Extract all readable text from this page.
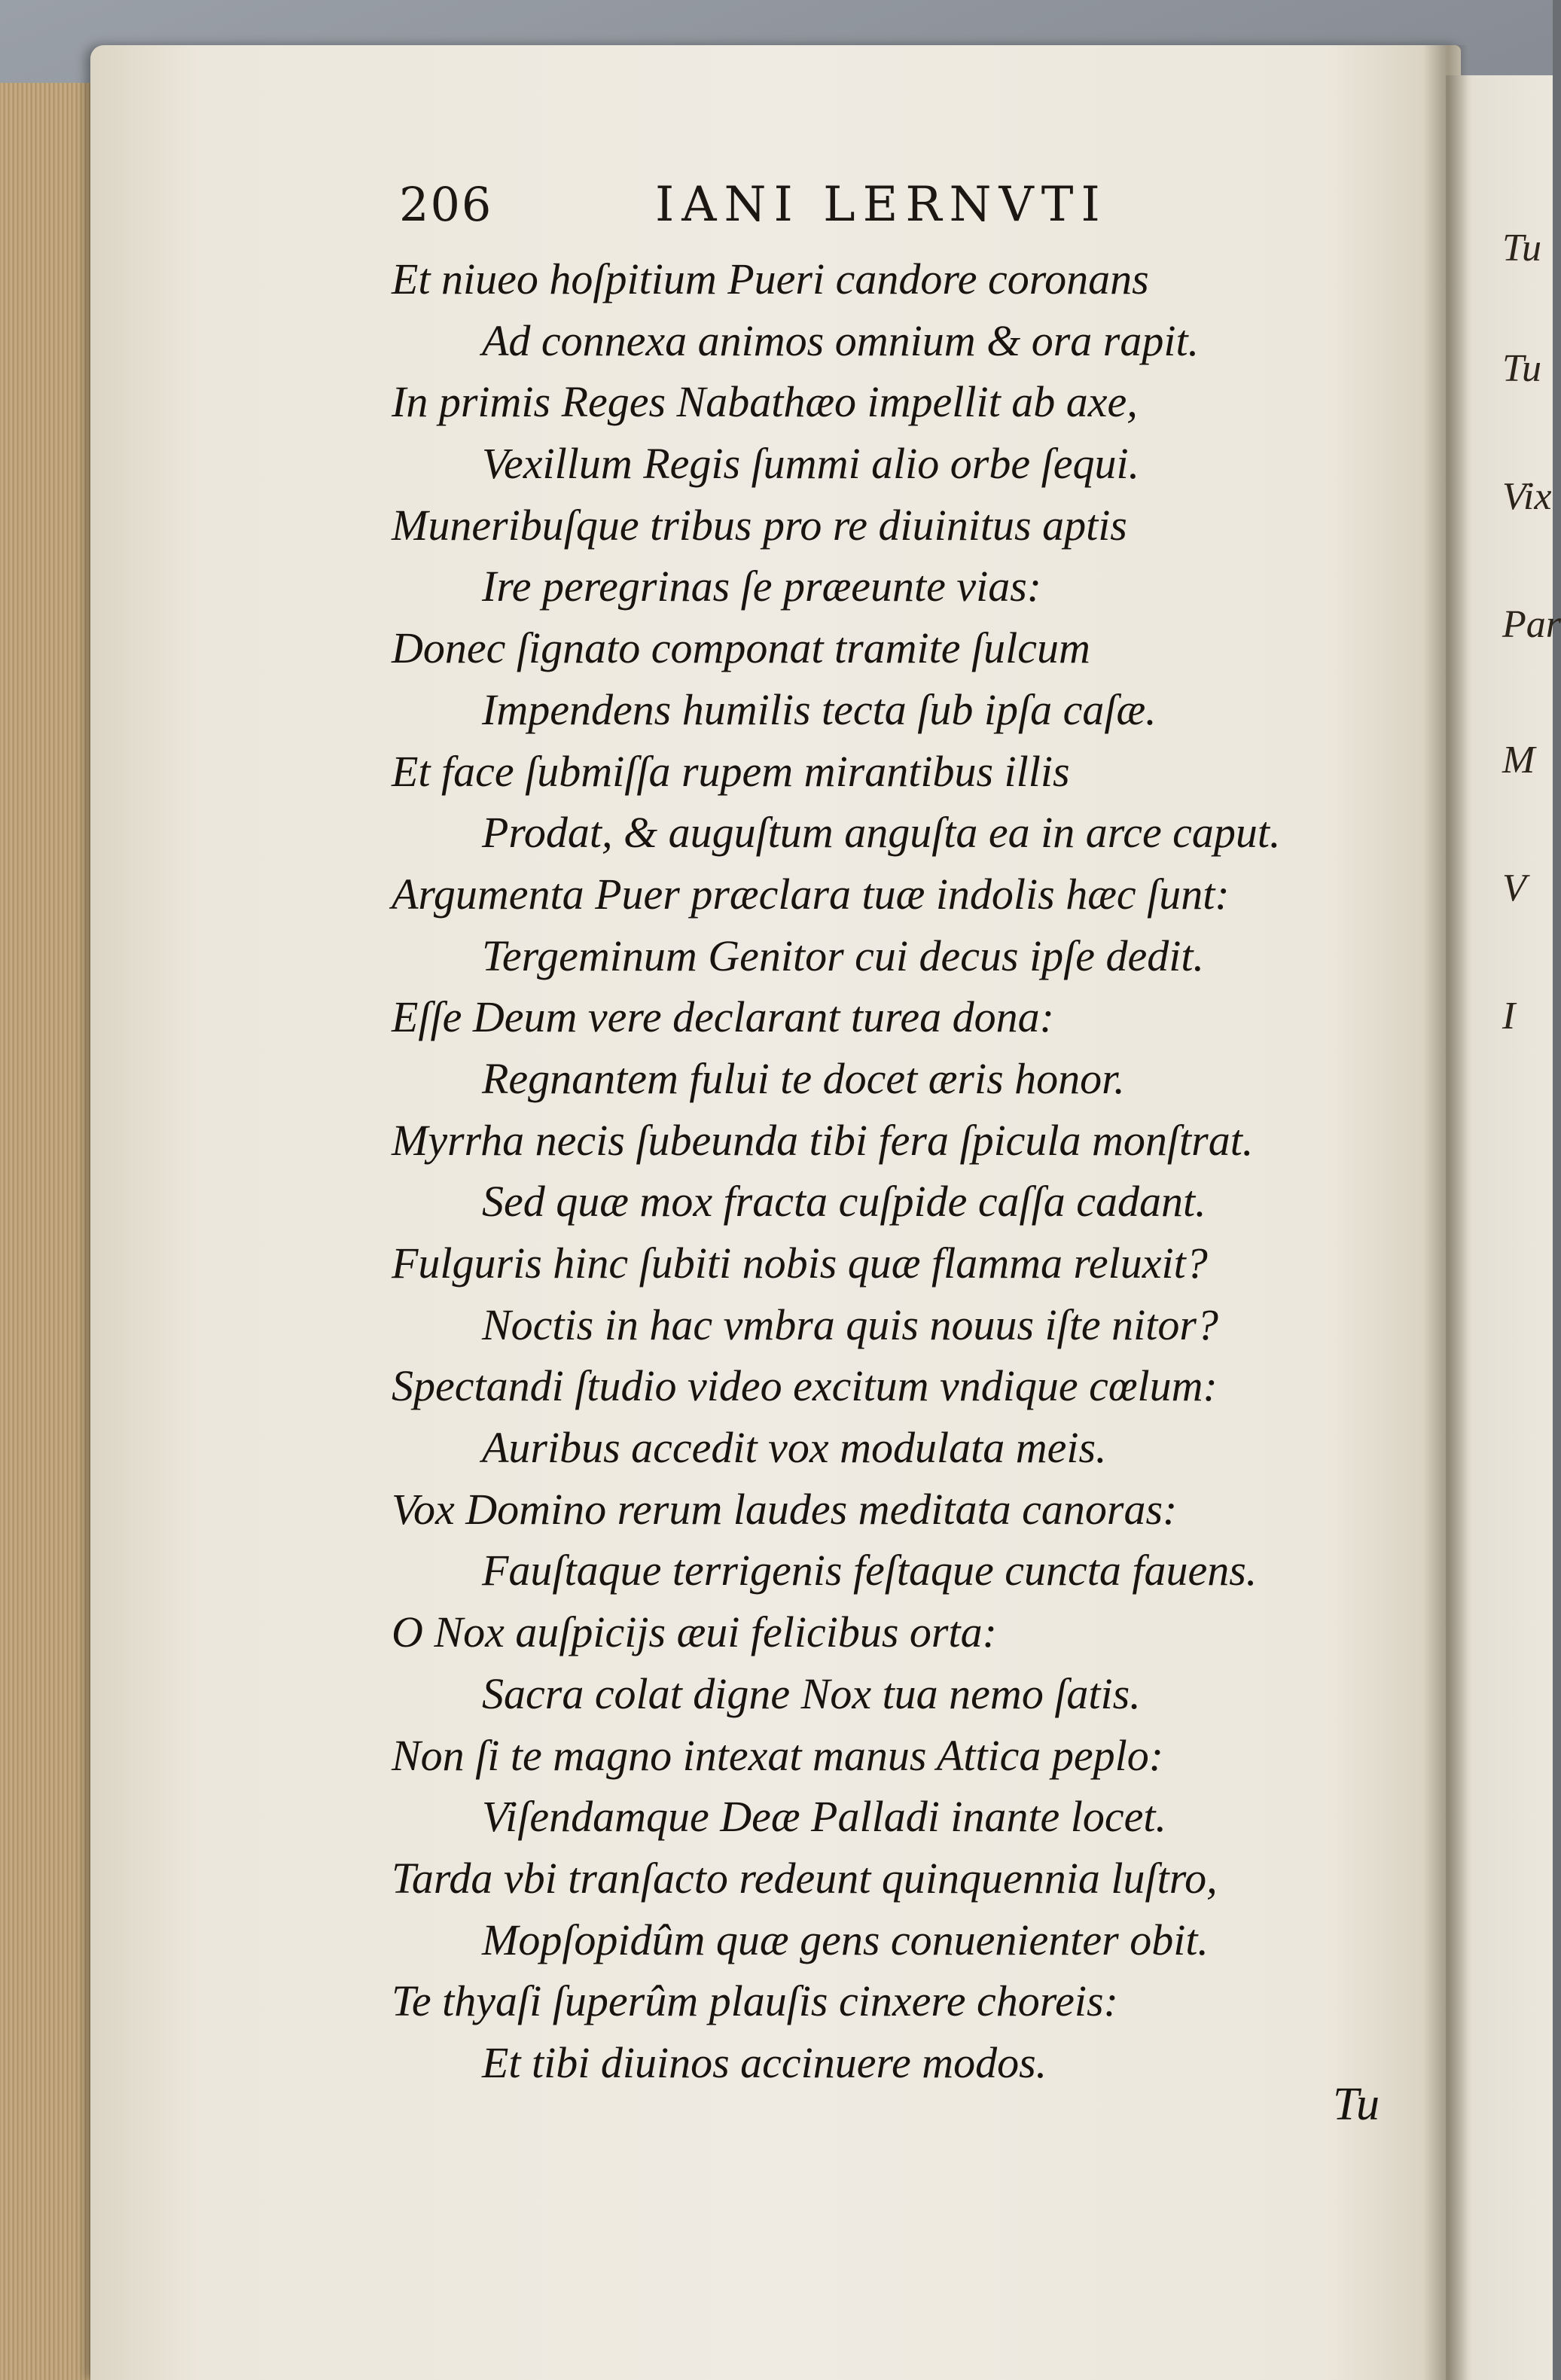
206	IANI LERNVTI
Et niueo hoſpitium Pueri candore coronans
Ad connexa animos omnium & ora rapit.
In primis Reges Nabathæo impellit ab axe,
Vexillum Regis ſummi alio orbe ſequi.
Muneribuſque tribus pro re diuinitus aptis
Ire peregrinas ſe præeunte vias:
Donec ſignato componat tramite ſulcum
Impendens humilis tecta ſub ipſa caſæ.
Et face ſubmiſſa rupem mirantibus illis
Prodat, & auguſtum anguſta ea in arce caput.
Argumenta Puer præclara tuæ indolis hæc ſunt:
Tergeminum Genitor cui decus ipſe dedit.
Eſſe Deum vere declarant turea dona:
Regnantem fului te docet æris honor.
Myrrha necis ſubeunda tibi fera ſpicula monſtrat.
Sed quæ mox fracta cuſpide caſſa cadant.
Fulguris hinc ſubiti nobis quæ flamma reluxit?
Noctis in hac vmbra quis nouus iſte nitor?
Spectandi ſtudio video excitum vndique cœlum:
Auribus accedit vox modulata meis.
Vox Domino rerum laudes meditata canoras:
Fauſtaque terrigenis feſtaque cuncta fauens.
O Nox auſpicijs æui felicibus orta:
Sacra colat digne Nox tua nemo ſatis.
Non ſi te magno intexat manus Attica peplo:
Viſendamque Deæ Palladi inante locet.
Tarda vbi tranſacto redeunt quinquennia luſtro,
Mopſopidûm quæ gens conuenienter obit.
Te thyaſi ſuperûm plauſis cinxere choreis:
Et tibi diuinos accinuere modos.
Tu
Tu
Tu
Vix
Par
M
V
I
